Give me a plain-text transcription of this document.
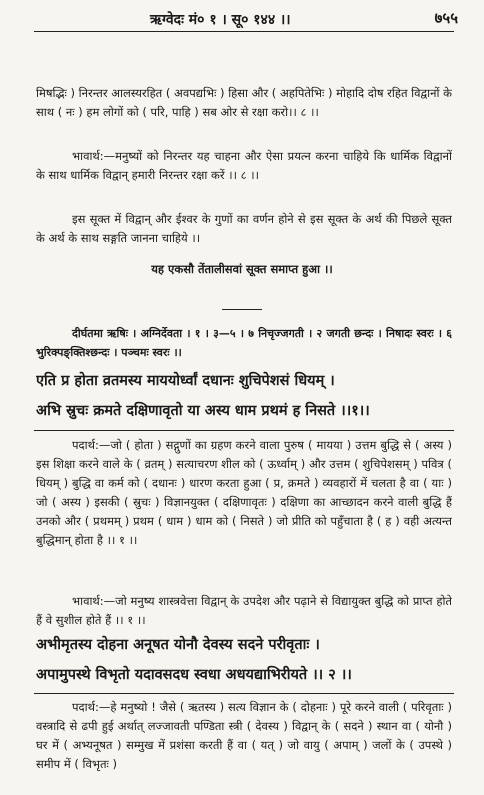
ऋग्वेदः मं० १ । सू० १४४ ।।	७५५

मिषद्भिः ) निरन्तर आलस्यरहित ( अवपद्यभिः ) हिसा और ( अहपितेभिः ) मोहादि दोष रहित विद्वानों के साथ ( नः ) हम लोगों को ( परि, पाहि ) सब ओर से रक्षा करो।। ८ ।।

भावार्थ:—मनुष्यों को निरन्तर यह चाहना और ऐसा प्रयत्न करना चाहिये कि धार्मिक विद्वानों के साथ धार्मिक विद्वान् हमारी निरन्तर रक्षा करें ।। ८ ।।

इस सूक्त में विद्वान् और ईश्वर के गुणों का वर्णन होने से इस सूक्त के अर्थ की पिछले सूक्त के अर्थ के साथ सङ्गति जानना चाहिये ।।

यह एकसौ तेंतालीसवां सूक्त समाप्त हुआ ।।

दीर्घतमा ऋषिः । अग्निर्देवता । १ । ३—५ । ७ निचृज्जगती । २ जगती छन्दः । निषादः स्वरः । ६ भुरिक्पङ्क्तिश्छन्दः । पञ्चमः स्वरः ।।

एति प्र होता व्रतमस्य माययोर्ध्वां दधानः शुचिपेशसं धियम् ।

अभि स्रुचः क्रमते दक्षिणावृतो या अस्य धाम प्रथमं ह निसते ।।१।।

पदार्थ:—जो ( होता ) सद्गुणों का ग्रहण करने वाला पुरुष ( मायया ) उत्तम बुद्धि से ( अस्य ) इस शिक्षा करने वाले के ( व्रतम् ) सत्याचरण शील को ( ऊर्ध्वाम् ) और उत्तम ( शुचिपेशसम् ) पवित्र ( धियम् ) बुद्धि वा कर्म को ( दधानः ) धारण करता हुआ ( प्र, क्रमते ) व्यवहारों में चलता है वा ( याः ) जो ( अस्य ) इसकी ( स्रुचः ) विज्ञानयुक्त ( दक्षिणावृतः ) दक्षिणा का आच्छादन करने वाली बुद्धि हैं उनको और ( प्रथमम् ) प्रथम ( धाम ) धाम को ( निसते ) जो प्रीति को पहुँचाता है ( ह ) वही अत्यन्त बुद्धिमान् होता है ।। १ ।।

भावार्थ:—जो मनुष्य शास्त्रवेत्ता विद्वान् के उपदेश और पढ़ाने से विद्यायुक्त बुद्धि को प्राप्त होते हैं वे सुशील होते हैं ।। १ ।।

अभीमृतस्य दोहना अनूषत योनौ देवस्य सदने परीवृताः ।

अपामुपस्थे विभृतो यदावसदध स्वधा अधयद्याभिरीयते ।। २ ।।

पदार्थ:—हे मनुष्यो ! जैसे ( ऋतस्य ) सत्य विज्ञान के ( दोहनाः ) पूरे करने वाली ( परिवृताः ) वस्त्रादि से ढपी हुई अर्थात् लज्जावती पण्डिता स्त्री ( देवस्य ) विद्वान् के ( सदने ) स्थान वा ( योनौ ) घर में ( अभ्यनूषत ) सम्मुख में प्रशंसा करती हैं वा ( यत् ) जो वायु ( अपाम् ) जलों के ( उपस्थे ) समीप में ( विभृतः )
